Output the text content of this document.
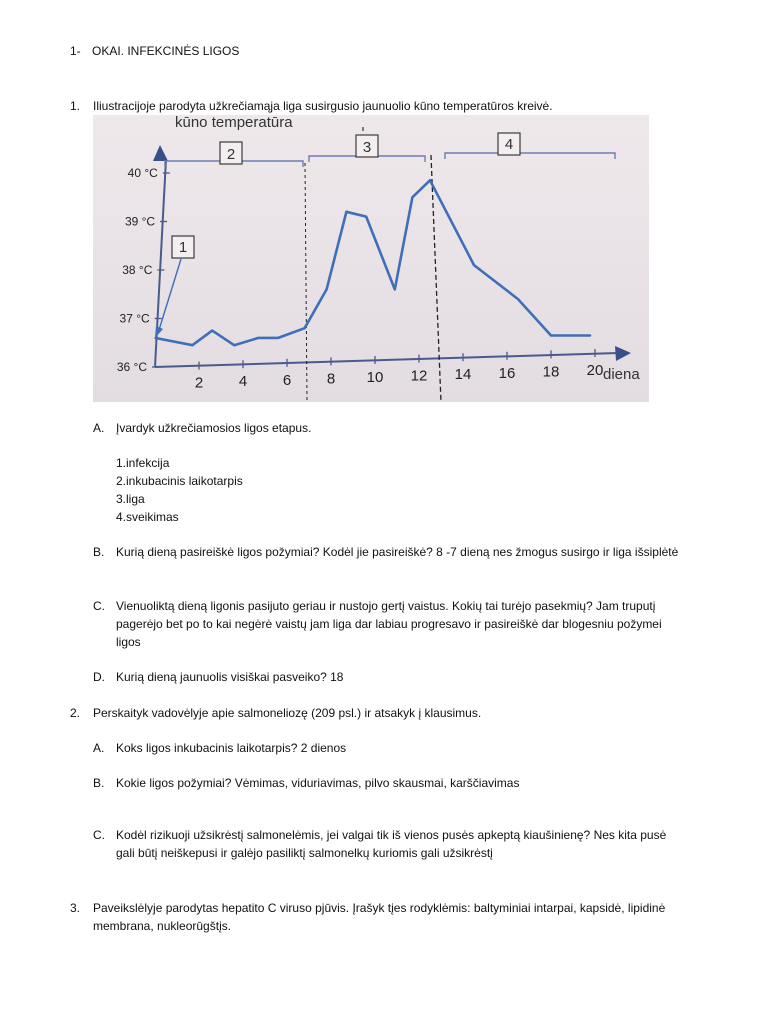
1- OKAI. INFEKCINĖS LIGOS
1. Iliustracijoje parodyta užkrečiamąja liga susirgusio jaunuolio kūno temperatūros kreivė.
36 °C
37 °C
38 °C
39 °C
40 °C
2 4 6 8 10 12 14 16 18 20
kūno temperatūra
diena
1
2	3	4
A. Įvardyk užkrečiamosios ligos etapus.
1.infekcija
2.inkubacinis laikotarpis
3.liga
4.sveikimas
B. Kurią dieną pasireiškė ligos požymiai? Kodėl jie pasireiškė? 8 -7 dieną nes žmogus susirgo ir liga išsiplėtė
C. Vienuoliktą dieną ligonis pasijuto geriau ir nustojo gertį vaistus. Kokių tai turėjo pasekmių? Jam truputį
pagerėjo bet po to kai negėrė vaistų jam liga dar labiau progresavo ir pasireiškė dar blogesniu požymei
ligos
D. Kurią dieną jaunuolis visiškai pasveiko? 18
2. Perskaityk vadovėlyje apie salmoneliozę (209 psl.) ir atsakyk į klausimus.
A. Koks ligos inkubacinis laikotarpis? 2 dienos
B. Kokie ligos požymiai? Vėmimas, viduriavimas, pilvo skausmai, karščiavimas
C. Kodėl rizikuoji užsikrėstį salmonelėmis, jei valgai tik iš vienos pusės apkeptą kiaušinienę? Nes kita pusė
gali būtį neiškepusi ir galėjo pasiliktį salmonelkų kuriomis gali užsikrėstį
3. Paveikslėlyje parodytas hepatito C viruso pjūvis. Įrašyk tįes rodyklėmis: baltyminiai intarpai, kapsidė, lipidinė
membrana, nukleorūgštįs.
